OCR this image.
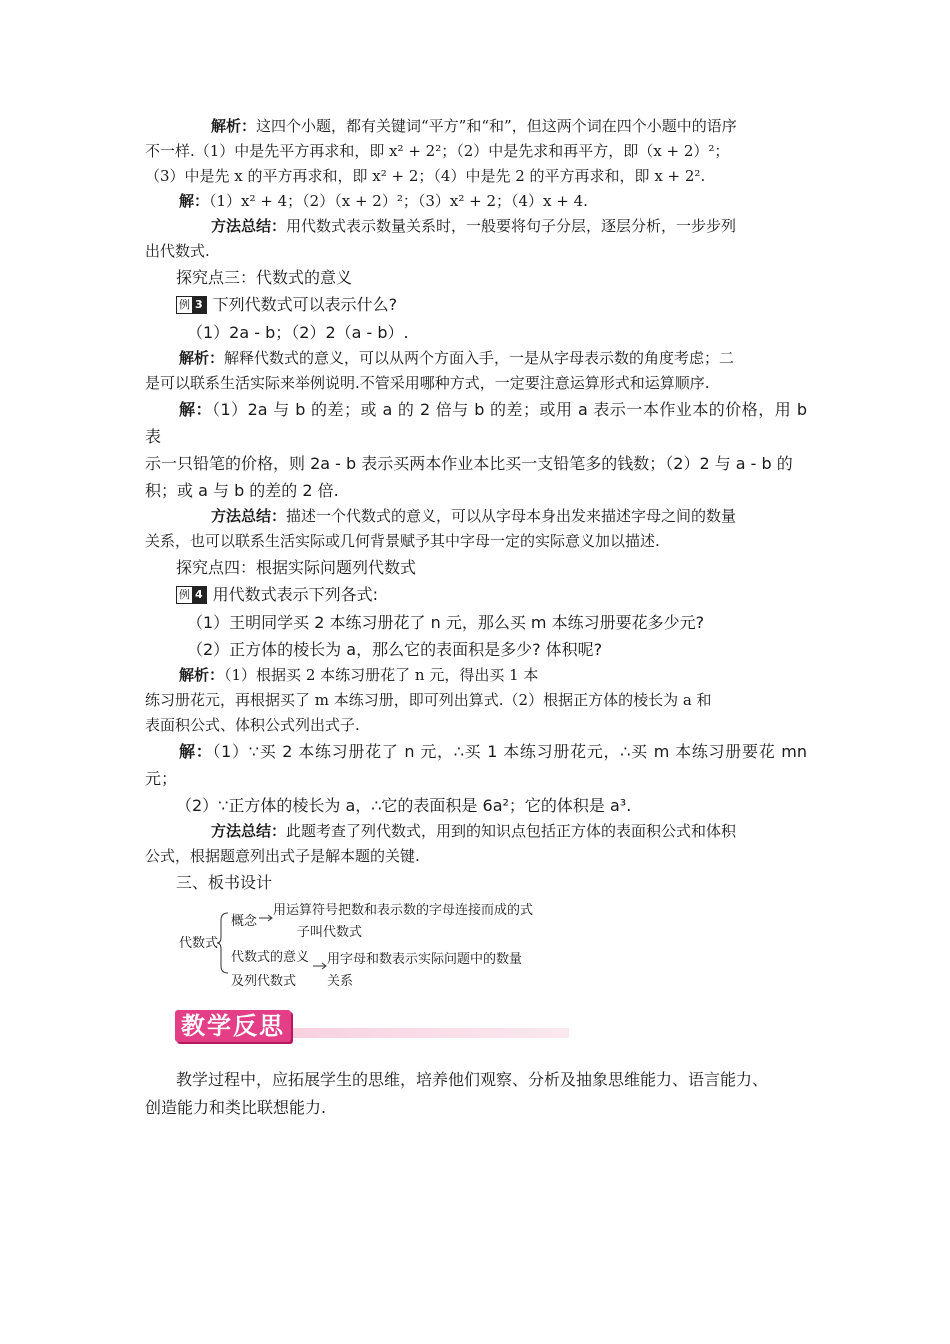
解析：这四个小题，都有关键词“平方”和“和”，但这两个词在四个小题中的语序

不一样.（1）中是先平方再求和，即 x² + 2²；（2）中是先求和再平方，即（x + 2）²；

（3）中是先 x 的平方再求和，即 x² + 2；（4）中是先 2 的平方再求和，即 x + 2².

解：（1）x² + 4；（2）（x + 2）²；（3）x² + 2；（4）x + 4.

方法总结：用代数式表示数量关系时，一般要将句子分层，逐层分析，一步步列

出代数式.

探究点三：代数式的意义

例 3 下列代数式可以表示什么?

（1）2a - b；（2）2（a - b）.

解析：解释代数式的意义，可以从两个方面入手，一是从字母表示数的角度考虑；二

是可以联系生活实际来举例说明.不管采用哪种方式，一定要注意运算形式和运算顺序.

解：（1）2a 与 b 的差；或 a 的 2 倍与 b 的差；或用 a 表示一本作业本的价格，用 b 表

示一只铅笔的价格，则 2a - b 表示买两本作业本比买一支铅笔多的钱数；（2）2 与 a - b 的

积；或 a 与 b 的差的 2 倍.

方法总结：描述一个代数式的意义，可以从字母本身出发来描述字母之间的数量

关系，也可以联系生活实际或几何背景赋予其中字母一定的实际意义加以描述.

探究点四：根据实际问题列代数式

例 4 用代数式表示下列各式:

（1）王明同学买 2 本练习册花了 n 元，那么买 m 本练习册要花多少元?

（2）正方体的棱长为 a，那么它的表面积是多少? 体积呢?

解析：（1）根据买 2 本练习册花了 n 元，得出买 1 本

练习册花元，再根据买了 m 本练习册，即可列出算式.（2）根据正方体的棱长为 a 和

表面积公式、体积公式列出式子.

解：（1）∵买 2 本练习册花了 n 元，∴买 1 本练习册花元，∴买 m 本练习册要花 mn 元；

（2）∵正方体的棱长为 a，∴它的表面积是 6a²；它的体积是 a³.

方法总结：此题考查了列代数式，用到的知识点包括正方体的表面积公式和体积

公式，根据题意列出式子是解本题的关键.

三、板书设计

代数式
概念
用运算符号把数和表示数的字母连接而成的式
子叫代数式
代数式的意义
及列代数式
用字母和数表示实际问题中的数量
关系
教学反思

教学过程中，应拓展学生的思维，培养他们观察、分析及抽象思维能力、语言能力、

创造能力和类比联想能力.
